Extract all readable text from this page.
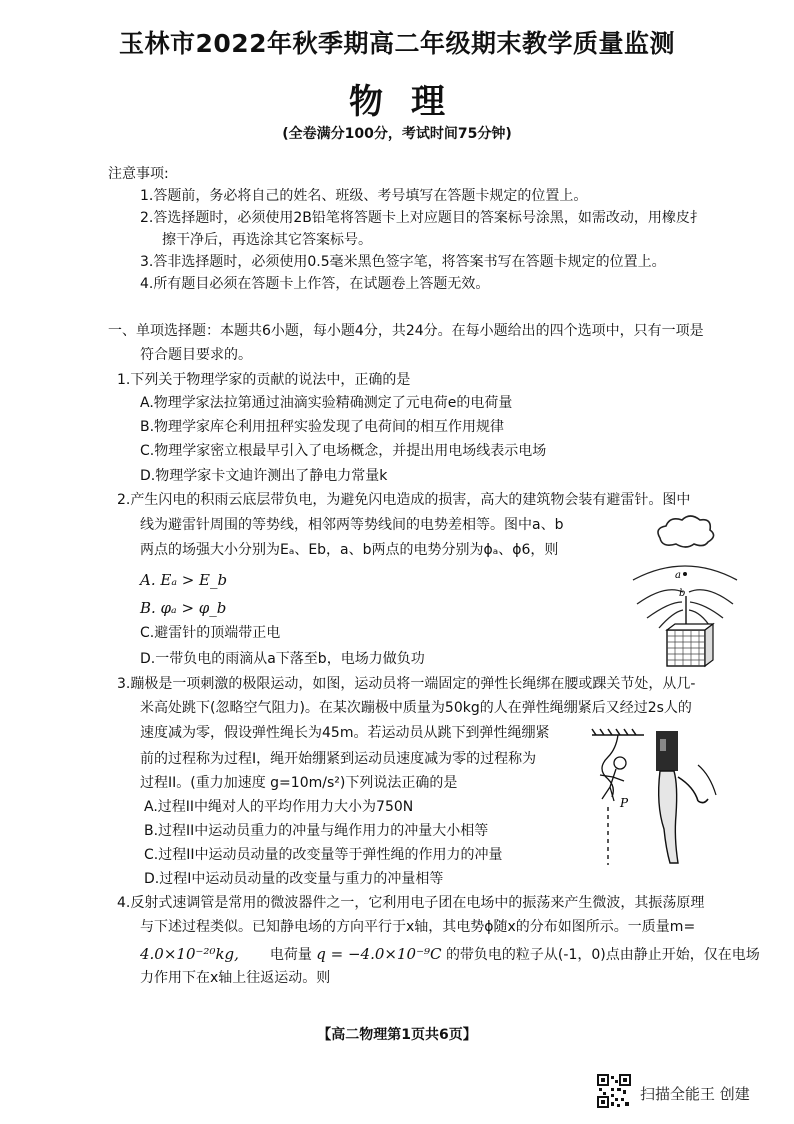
玉林市2022年秋季期高二年级期末教学质量监测
物理
(全卷满分100分，考试时间75分钟)
注意事项:
1.答题前，务必将自己的姓名、班级、考号填写在答题卡规定的位置上。
2.答选择题时，必须使用2B铅笔将答题卡上对应题目的答案标号涂黑，如需改动，用橡皮扌
擦干净后，再选涂其它答案标号。
3.答非选择题时，必须使用0.5毫米黑色签字笔，将答案书写在答题卡规定的位置上。
4.所有题目必须在答题卡上作答，在试题卷上答题无效。
一、单项选择题：本题共6小题，每小题4分，共24分。在每小题给出的四个选项中，只有一项是
符合题目要求的。
1.下列关于物理学家的贡献的说法中，正确的是
A.物理学家法拉第通过油滴实验精确测定了元电荷e的电荷量
B.物理学家库仑利用扭秤实验发现了电荷间的相互作用规律
C.物理学家密立根最早引入了电场概念，并提出用电场线表示电场
D.物理学家卡文迪许测出了静电力常量k
2.产生闪电的积雨云底层带负电，为避免闪电造成的损害，高大的建筑物会装有避雷针。图中
线为避雷针周围的等势线，相邻两等势线间的电势差相等。图中a、b
两点的场强大小分别为Eₐ、Eb，a、b两点的电势分别为ϕₐ、ϕ6，则
A. Eₐ > E_b
B. φₐ > φ_b
C.避雷针的顶端带正电
D.一带负电的雨滴从a下落至b，电场力做负功
a
b
3.蹦极是一项刺激的极限运动，如图，运动员将一端固定的弹性长绳绑在腰或踝关节处，从几-
米高处跳下(忽略空气阻力)。在某次蹦极中质量为50kg的人在弹性绳绷紧后又经过2s人的
速度减为零，假设弹性绳长为45m。若运动员从跳下到弹性绳绷紧
前的过程称为过程I，绳开始绷紧到运动员速度减为零的过程称为
过程II。(重力加速度 g=10m/s²)下列说法正确的是
A.过程II中绳对人的平均作用力大小为750N
B.过程II中运动员重力的冲量与绳作用力的冲量大小相等
C.过程II中运动员动量的改变量等于弹性绳的作用力的冲量
D.过程I中运动员动量的改变量与重力的冲量相等
P
4.反射式速调管是常用的微波器件之一，它利用电子团在电场中的振荡来产生微波，其振荡原理
与下述过程类似。已知静电场的方向平行于x轴，其电势ϕ随x的分布如图所示。一质量m=
4.0×10⁻²⁰kg, 电荷量 q = −4.0×10⁻⁹C 的带负电的粒子从(-1，0)点由静止开始，仅在电场
力作用下在x轴上往返运动。则
【高二物理第1页共6页】
扫描全能王 创建
